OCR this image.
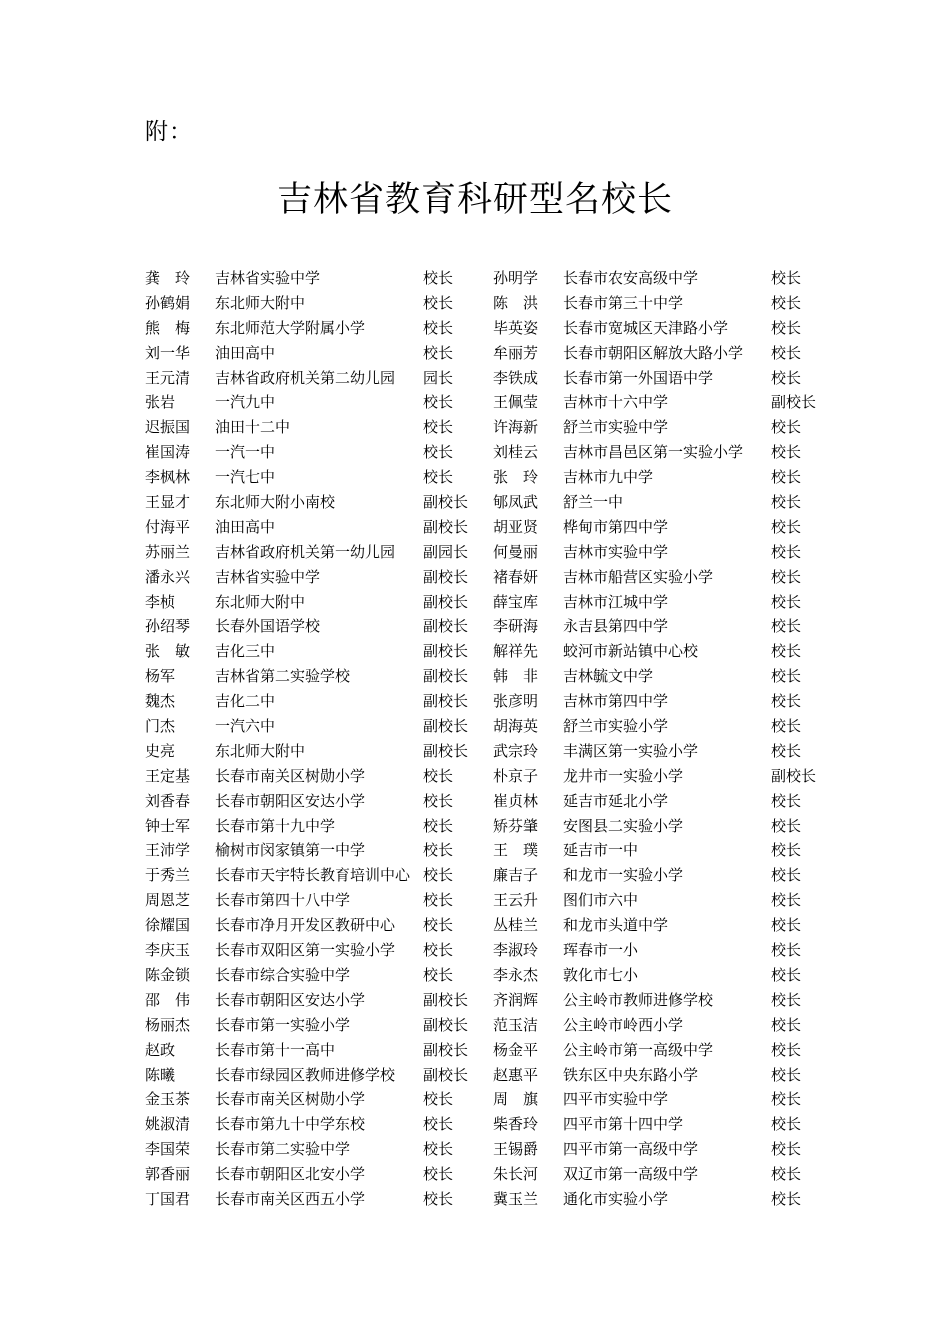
附：
吉林省教育科研型名校长
龚　玲 吉林省实验中学	校长	孙明学 长春市农安高级中学	校长
孙鹤娟 东北师大附中	校长	陈　洪 长春市第三十中学	校长
熊　梅 东北师范大学附属小学	校长	毕英姿 长春市宽城区天津路小学	校长
刘一华 油田高中	校长	牟丽芳 长春市朝阳区解放大路小学 校长
王元清 吉林省政府机关第二幼儿园 园长	李铁成 长春市第一外国语中学	校长
张岩	一汽九中	校长	王佩莹 吉林市十六中学	副校长
迟振国 油田十二中	校长	许海新 舒兰市实验中学	校长
崔国涛 一汽一中	校长	刘桂云 吉林市昌邑区第一实验小学 校长
李枫林 一汽七中	校长	张　玲 吉林市九中学	校长
王显才 东北师大附小南校	副校长 郇凤武 舒兰一中	校长
付海平 油田高中	副校长 胡亚贤 桦甸市第四中学	校长
苏丽兰 吉林省政府机关第一幼儿园 副园长 何曼丽 吉林市实验中学	校长
潘永兴 吉林省实验中学	副校长 褚春妍 吉林市船营区实验小学	校长
李桢	东北师大附中	副校长 薛宝库 吉林市江城中学	校长
孙绍琴 长春外国语学校	副校长 李研海 永吉县第四中学	校长
张　敏 吉化三中	副校长 解祥先 蛟河市新站镇中心校	校长
杨军	吉林省第二实验学校	副校长 韩　非 吉林毓文中学	校长
魏杰	吉化二中	副校长 张彦明 吉林市第四中学	校长
门杰	一汽六中	副校长 胡海英 舒兰市实验小学	校长
史亮	东北师大附中	副校长 武宗玲 丰满区第一实验小学	校长
王定基 长春市南关区树勋小学	校长	朴京子 龙井市一实验小学	副校长
刘香春 长春市朝阳区安达小学	校长	崔贞林 延吉市延北小学	校长
钟士军 长春市第十九中学	校长	矫芬肇 安图县二实验小学	校长
王沛学 榆树市闵家镇第一中学	校长	王　璞 延吉市一中	校长
于秀兰 长春市天宇特长教育培训中心 校长	廉吉子 和龙市一实验小学	校长
周恩芝 长春市第四十八中学	校长	王云升 图们市六中	校长
徐耀国 长春市净月开发区教研中心 校长	丛桂兰 和龙市头道中学	校长
李庆玉 长春市双阳区第一实验小学 校长	李淑玲 珲春市一小	校长
陈金锁 长春市综合实验中学	校长	李永杰 敦化市七小	校长
邵　伟 长春市朝阳区安达小学	副校长 齐润辉 公主岭市教师进修学校	校长
杨丽杰 长春市第一实验小学	副校长 范玉洁 公主岭市岭西小学	校长
赵政	长春市第十一高中	副校长 杨金平 公主岭市第一高级中学	校长
陈曦	长春市绿园区教师进修学校 副校长 赵惠平 铁东区中央东路小学	校长
金玉茶 长春市南关区树勋小学	校长	周　旗 四平市实验中学	校长
姚淑清 长春市第九十中学东校	校长	柴香玲 四平市第十四中学	校长
李国荣 长春市第二实验中学	校长	王锡爵 四平市第一高级中学	校长
郭香丽 长春市朝阳区北安小学	校长	朱长河 双辽市第一高级中学	校长
丁国君 长春市南关区西五小学	校长	冀玉兰 通化市实验小学	校长
